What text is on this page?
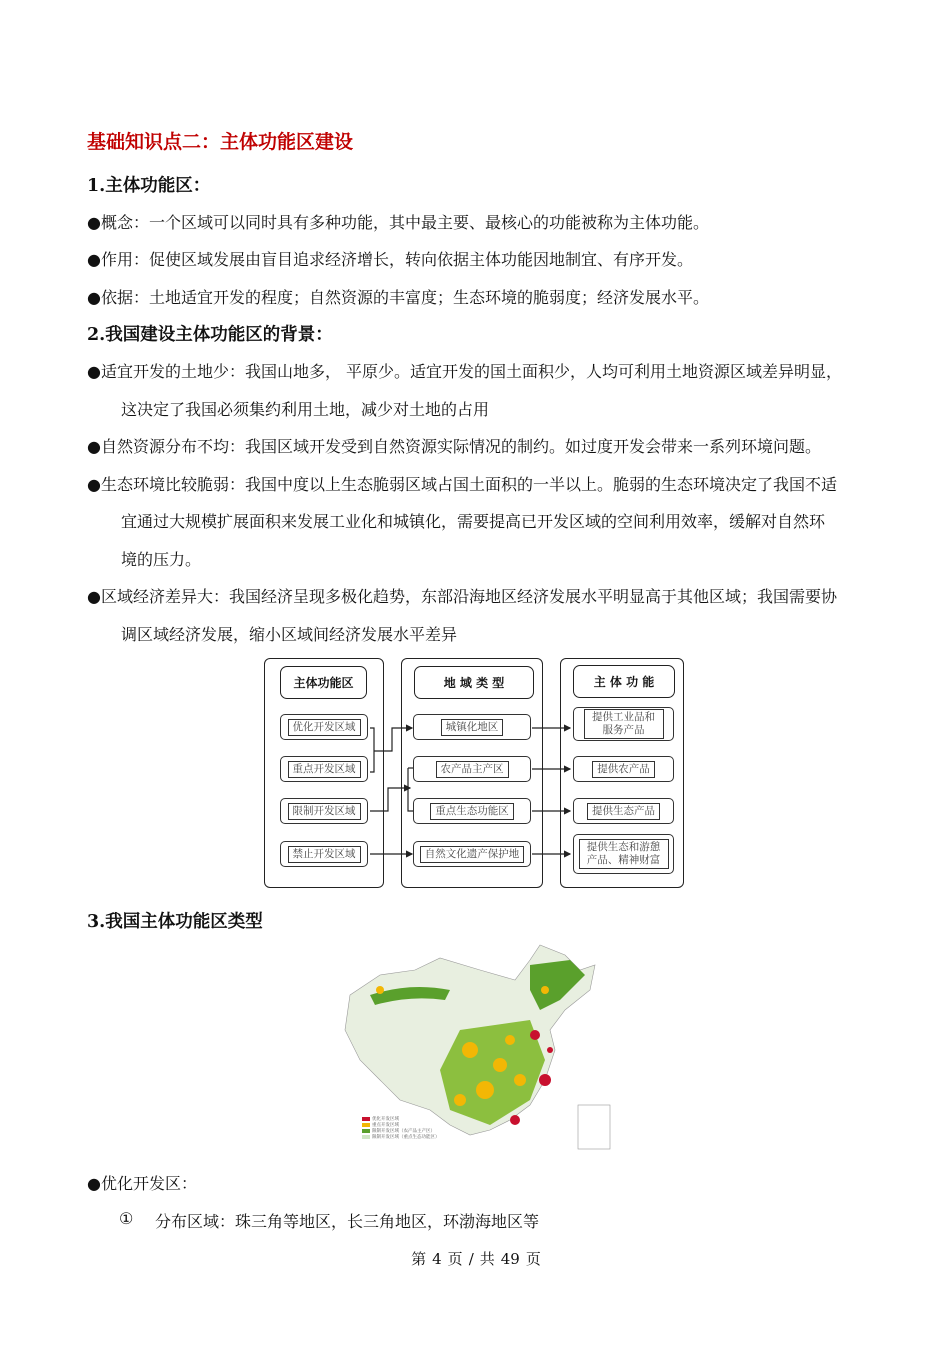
基础知识点二：主体功能区建设
1.主体功能区：
●概念：一个区域可以同时具有多种功能，其中最主要、最核心的功能被称为主体功能。
●作用：促使区域发展由盲目追求经济增长，转向依据主体功能因地制宜、有序开发。
●依据：土地适宜开发的程度；自然资源的丰富度；生态环境的脆弱度；经济发展水平。
2.我国建设主体功能区的背景：
●适宜开发的土地少：我国山地多， 平原少。适宜开发的国土面积少，人均可利用土地资源区域差异明显，
这决定了我国必须集约利用土地，减少对土地的占用
●自然资源分布不均：我国区域开发受到自然资源实际情况的制约。如过度开发会带来一系列环境问题。
●生态环境比较脆弱：我国中度以上生态脆弱区域占国土面积的一半以上。脆弱的生态环境决定了我国不适
宜通过大规模扩展面积来发展工业化和城镇化，需要提高已开发区域的空间利用效率，缓解对自然环
境的压力。
●区域经济差异大：我国经济呈现多极化趋势，东部沿海地区经济发展水平明显高于其他区域；我国需要协
调区域经济发展，缩小区域间经济发展水平差异
主体功能区	地 域 类 型	主 体 功 能
优化开发区域
重点开发区域
限制开发区域
禁止开发区域
城镇化地区
农产品主产区
重点生态功能区
自然文化遗产保护地
提供工业品和服务产品
提供农产品
提供生态产品
提供生态和游憩产品、精神财富
3.我国主体功能区类型
优化开发区域
重点开发区域
限制开发区域（农产品主产区）
限制开发区域（重点生态功能区）
●优化开发区：
① 分布区域：珠三角等地区，长三角地区，环渤海地区等
第 4 页 / 共 49 页
